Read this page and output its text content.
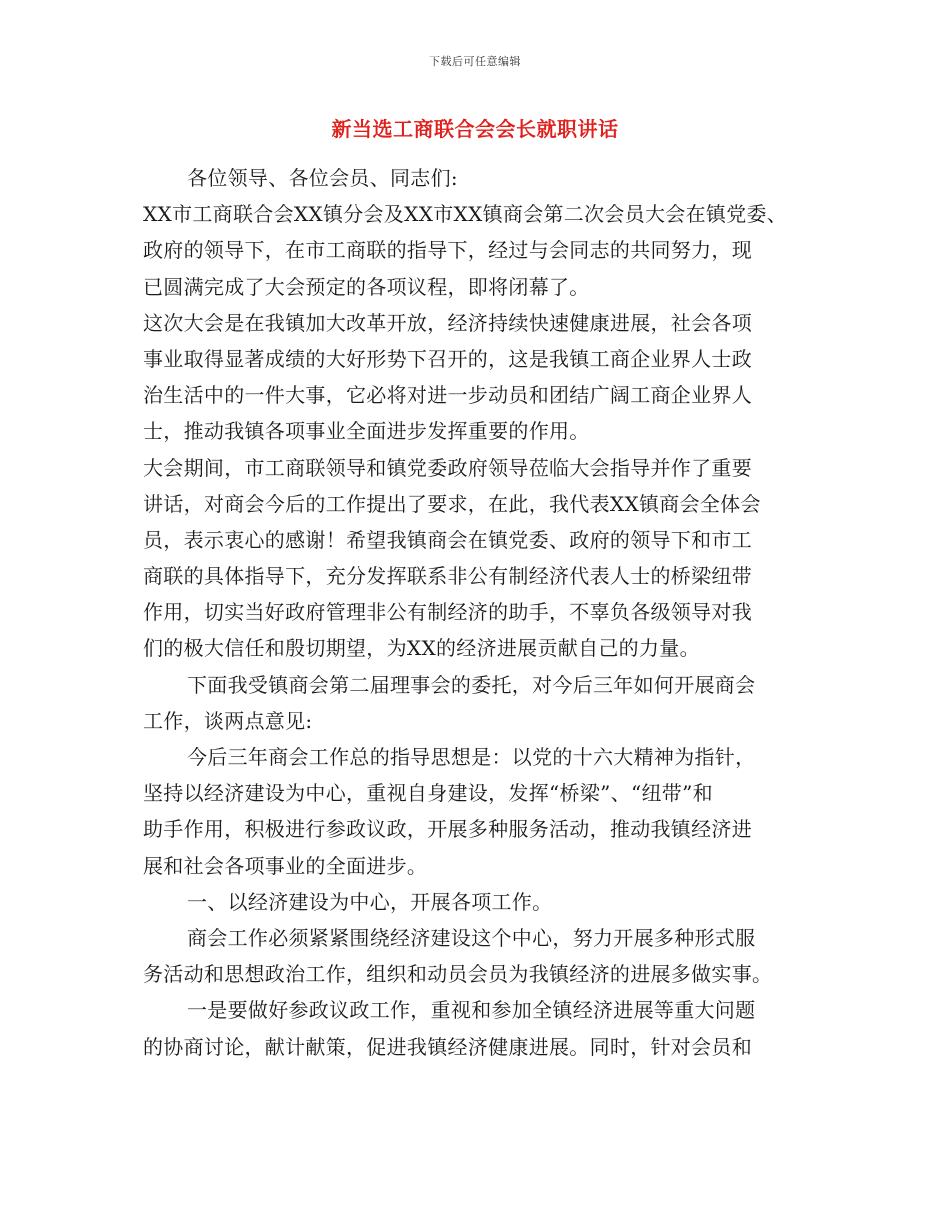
下载后可任意编辑
新当选工商联合会会长就职讲话
各位领导、各位会员、同志们:
XX市工商联合会XX镇分会及XX市XX镇商会第二次会员大会在镇党委、
政府的领导下，在市工商联的指导下，经过与会同志的共同努力，现
已圆满完成了大会预定的各项议程，即将闭幕了。
这次大会是在我镇加大改革开放，经济持续快速健康进展，社会各项
事业取得显著成绩的大好形势下召开的，这是我镇工商企业界人士政
治生活中的一件大事，它必将对进一步动员和团结广阔工商企业界人
士，推动我镇各项事业全面进步发挥重要的作用。
大会期间，市工商联领导和镇党委政府领导莅临大会指导并作了重要
讲话，对商会今后的工作提出了要求，在此，我代表XX镇商会全体会
员，表示衷心的感谢！希望我镇商会在镇党委、政府的领导下和市工
商联的具体指导下，充分发挥联系非公有制经济代表人士的桥梁纽带
作用，切实当好政府管理非公有制经济的助手，不辜负各级领导对我
们的极大信任和殷切期望，为XX的经济进展贡献自己的力量。
下面我受镇商会第二届理事会的委托，对今后三年如何开展商会
工作，谈两点意见:
今后三年商会工作总的指导思想是：以党的十六大精神为指针，
坚持以经济建设为中心，重视自身建设，发挥“桥梁”、“纽带”和
助手作用，积极进行参政议政，开展多种服务活动，推动我镇经济进
展和社会各项事业的全面进步。
一、以经济建设为中心，开展各项工作。
商会工作必须紧紧围绕经济建设这个中心，努力开展多种形式服
务活动和思想政治工作，组织和动员会员为我镇经济的进展多做实事。
一是要做好参政议政工作，重视和参加全镇经济进展等重大问题
的协商讨论，献计献策，促进我镇经济健康进展。同时，针对会员和
